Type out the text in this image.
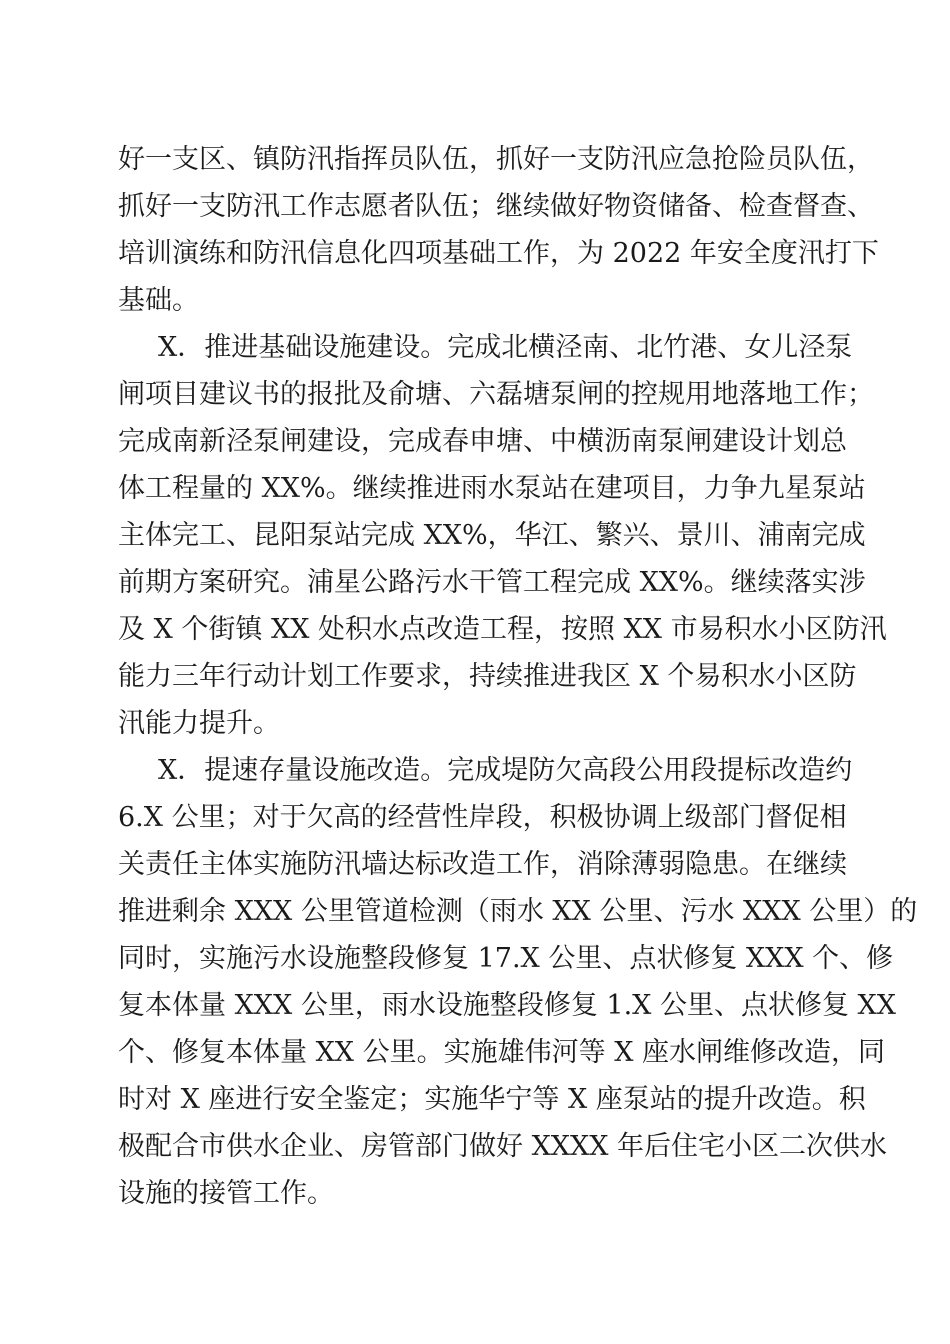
好一支区、镇防汛指挥员队伍，抓好一支防汛应急抢险员队伍，
抓好一支防汛工作志愿者队伍；继续做好物资储备、检查督查、
培训演练和防汛信息化四项基础工作，为 2022 年安全度汛打下
基础。
X．推进基础设施建设。完成北横泾南、北竹港、女儿泾泵
闸项目建议书的报批及俞塘、六磊塘泵闸的控规用地落地工作；
完成南新泾泵闸建设，完成春申塘、中横沥南泵闸建设计划总
体工程量的 XX%。继续推进雨水泵站在建项目，力争九星泵站
主体完工、昆阳泵站完成 XX%，华江、繁兴、景川、浦南完成
前期方案研究。浦星公路污水干管工程完成 XX%。继续落实涉
及 X 个街镇 XX 处积水点改造工程，按照 XX 市易积水小区防汛
能力三年行动计划工作要求，持续推进我区 X 个易积水小区防
汛能力提升。
X．提速存量设施改造。完成堤防欠高段公用段提标改造约
6.X 公里；对于欠高的经营性岸段，积极协调上级部门督促相
关责任主体实施防汛墙达标改造工作，消除薄弱隐患。在继续
推进剩余 XXX 公里管道检测（雨水 XX 公里、污水 XXX 公里）的
同时，实施污水设施整段修复 17.X 公里、点状修复 XXX 个、修
复本体量 XXX 公里，雨水设施整段修复 1.X 公里、点状修复 XX
个、修复本体量 XX 公里。实施雄伟河等 X 座水闸维修改造，同
时对 X 座进行安全鉴定；实施华宁等 X 座泵站的提升改造。积
极配合市供水企业、房管部门做好 XXXX 年后住宅小区二次供水
设施的接管工作。
